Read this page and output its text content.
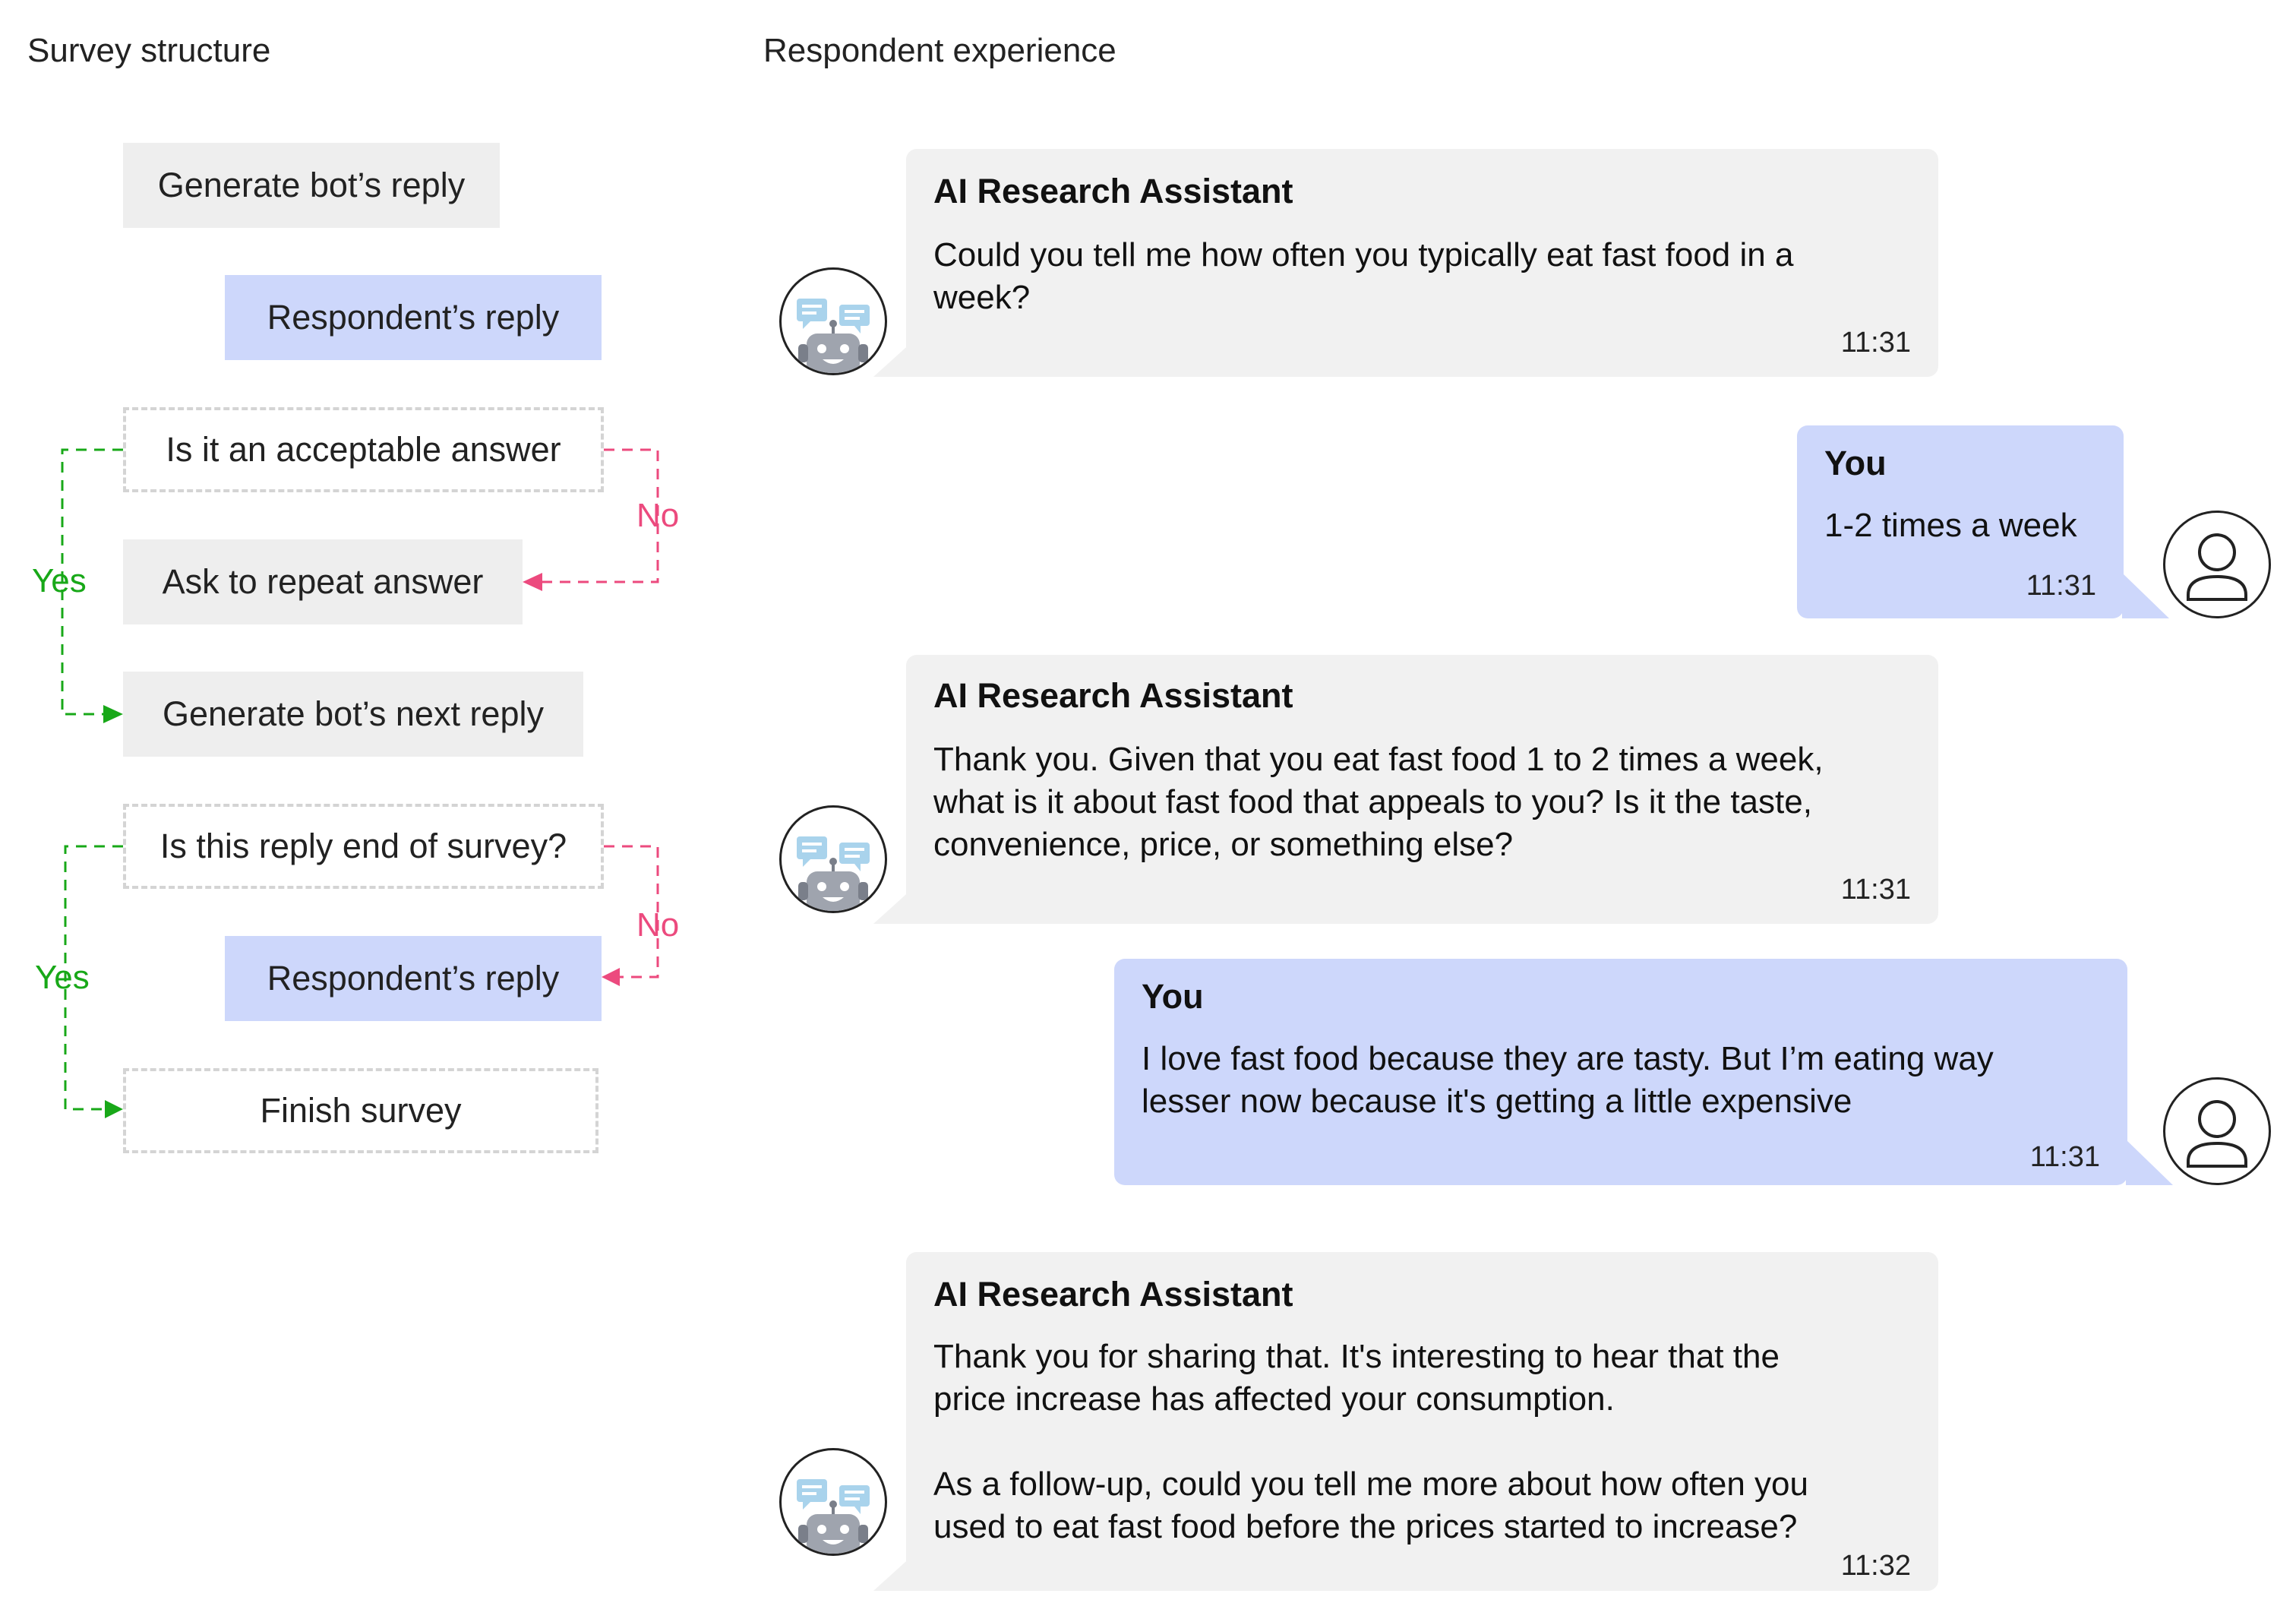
Survey structure	Respondent experience
Generate bot’s reply
Respondent’s reply
Is it an acceptable answer
Ask to repeat answer
Generate bot’s next reply
Is this reply end of survey?
Respondent’s reply
Finish survey
Yes
No
Yes
No
AI Research Assistant
Could you tell me how often you typically eat fast food in a
week?
11:31
You
1-2 times a week
11:31
AI Research Assistant
Thank you. Given that you eat fast food 1 to 2 times a week,
what is it about fast food that appeals to you? Is it the taste,
convenience, price, or something else?
11:31
You
I love fast food because they are tasty. But I’m eating way
lesser now because it's getting a little expensive
11:31
AI Research Assistant
Thank you for sharing that. It's interesting to hear that the
price increase has affected your consumption.

As a follow-up, could you tell me more about how often you
used to eat fast food before the prices started to increase?
11:32
